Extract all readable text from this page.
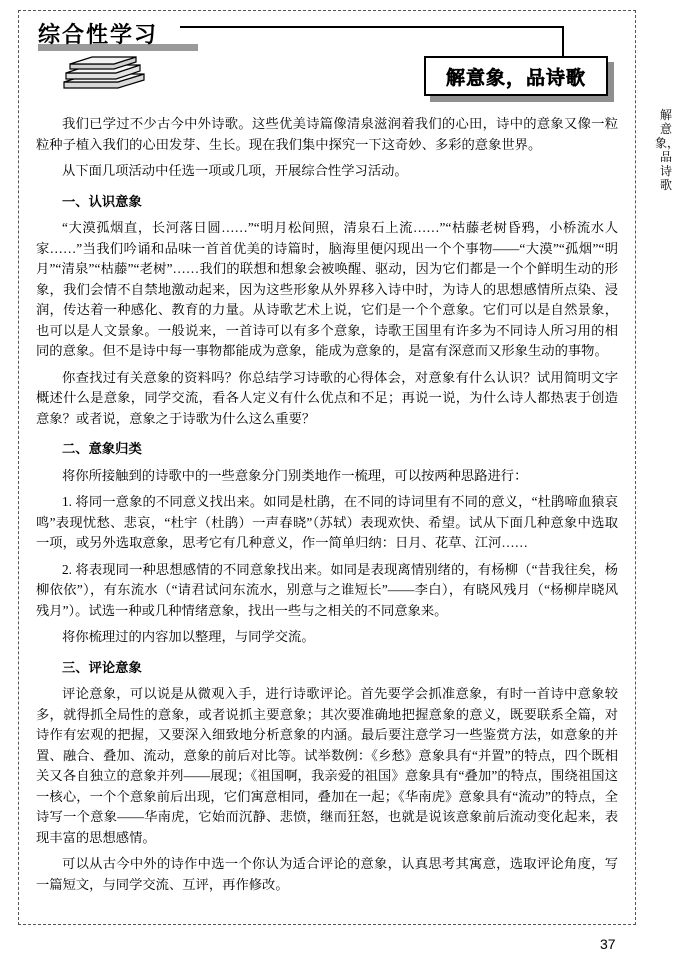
综合性学习
解意象，品诗歌
解意象，品诗歌

我们已学过不少古今中外诗歌。这些优美诗篇像清泉滋润着我们的心田，诗中的意象又像一粒粒种子植入我们的心田发芽、生长。现在我们集中探究一下这奇妙、多彩的意象世界。

从下面几项活动中任选一项或几项，开展综合性学习活动。

一、认识意象

“大漠孤烟直，长河落日圆……”“明月松间照，清泉石上流……”“枯藤老树昏鸦，小桥流水人家……”当我们吟诵和品味一首首优美的诗篇时，脑海里便闪现出一个个事物——“大漠”“孤烟”“明月”“清泉”“枯藤”“老树”……我们的联想和想象会被唤醒、驱动，因为它们都是一个个鲜明生动的形象，我们会情不自禁地激动起来，因为这些形象从外界移入诗中时，为诗人的思想感情所点染、浸润，传达着一种感化、教育的力量。从诗歌艺术上说，它们是一个个意象。它们可以是自然景象，也可以是人文景象。一般说来，一首诗可以有多个意象，诗歌王国里有许多为不同诗人所习用的相同的意象。但不是诗中每一事物都能成为意象，能成为意象的，是富有深意而又形象生动的事物。

你查找过有关意象的资料吗？你总结学习诗歌的心得体会，对意象有什么认识？试用简明文字概述什么是意象，同学交流，看各人定义有什么优点和不足；再说一说，为什么诗人都热衷于创造意象？或者说，意象之于诗歌为什么这么重要？

二、意象归类

将你所接触到的诗歌中的一些意象分门别类地作一梳理，可以按两种思路进行：

1. 将同一意象的不同意义找出来。如同是杜鹃，在不同的诗词里有不同的意义，“杜鹃啼血猿哀鸣”表现忧愁、悲哀，“杜宇（杜鹃）一声春晓”（苏轼）表现欢快、希望。试从下面几种意象中选取一项，或另外选取意象，思考它有几种意义，作一简单归纳：日月、花草、江河……

2. 将表现同一种思想感情的不同意象找出来。如同是表现离情别绪的，有杨柳（“昔我往矣，杨柳依依”），有东流水（“请君试问东流水，别意与之谁短长”——李白），有晓风残月（“杨柳岸晓风残月”）。试选一种或几种情绪意象，找出一些与之相关的不同意象来。

将你梳理过的内容加以整理，与同学交流。

三、评论意象

评论意象，可以说是从微观入手，进行诗歌评论。首先要学会抓准意象，有时一首诗中意象较多，就得抓全局性的意象，或者说抓主要意象；其次要准确地把握意象的意义，既要联系全篇，对诗作有宏观的把握，又要深入细致地分析意象的内涵。最后要注意学习一些鉴赏方法，如意象的并置、融合、叠加、流动，意象的前后对比等。试举数例：《乡愁》意象具有“并置”的特点，四个既相关又各自独立的意象并列——展现；《祖国啊，我亲爱的祖国》意象具有“叠加”的特点，围绕祖国这一核心，一个个意象前后出现，它们寓意相同，叠加在一起；《华南虎》意象具有“流动”的特点，全诗写一个意象——华南虎，它始而沉静、悲愤，继而狂怒，也就是说该意象前后流动变化起来，表现丰富的思想感情。

可以从古今中外的诗作中选一个你认为适合评论的意象，认真思考其寓意，选取评论角度，写一篇短文，与同学交流、互评，再作修改。

37
